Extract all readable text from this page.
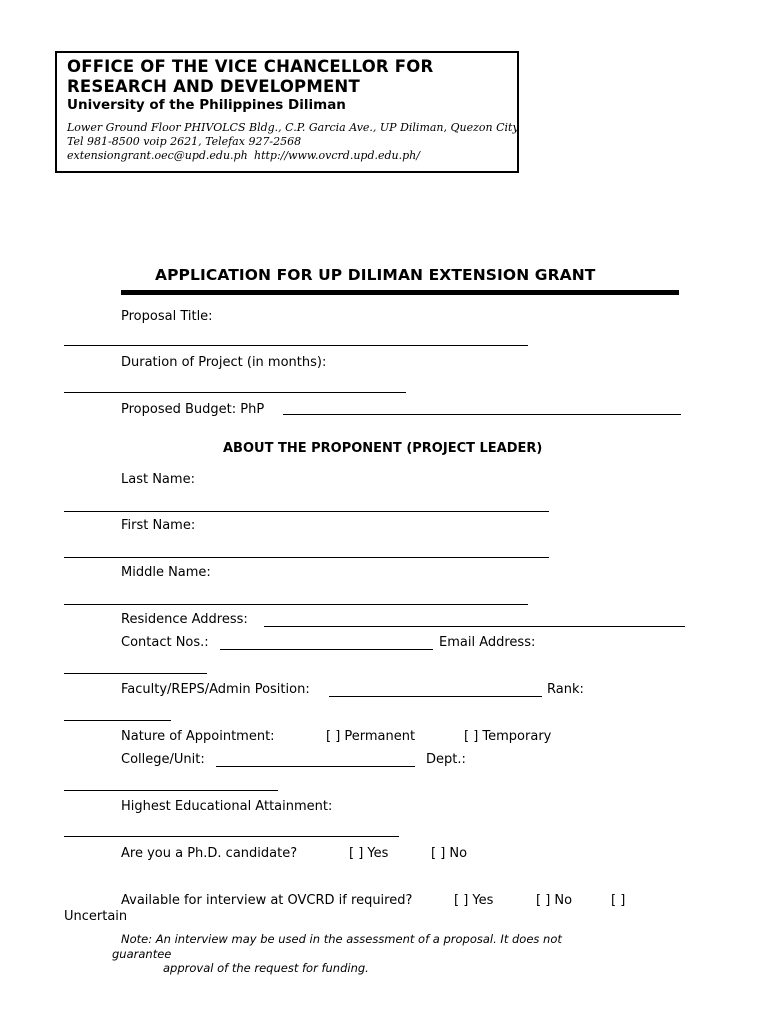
OFFICE OF THE VICE CHANCELLOR FOR
RESEARCH AND DEVELOPMENT
University of the Philippines Diliman
Lower Ground Floor PHIVOLCS Bldg., C.P. Garcia Ave., UP Diliman, Quezon City
Tel 981-8500 voip 2621, Telefax 927-2568
extensiongrant.oec@upd.edu.ph http://www.ovcrd.upd.edu.ph/
APPLICATION FOR UP DILIMAN EXTENSION GRANT
Proposal Title:
Duration of Project (in months):
Proposed Budget: PhP
ABOUT THE PROPONENT (PROJECT LEADER)
Last Name:
First Name:
Middle Name:
Residence Address:
Contact Nos.:	Email Address:
Faculty/REPS/Admin Position:	Rank:
Nature of Appointment:	[ ] Permanent	[ ] Temporary
College/Unit:	Dept.:
Highest Educational Attainment:
Are you a Ph.D. candidate?	[ ] Yes	[ ] No
Available for interview at OVCRD if required?	[ ] Yes	[ ] No	[ ]
Uncertain
Note: An interview may be used in the assessment of a proposal. It does not
guarantee
approval of the request for funding.
